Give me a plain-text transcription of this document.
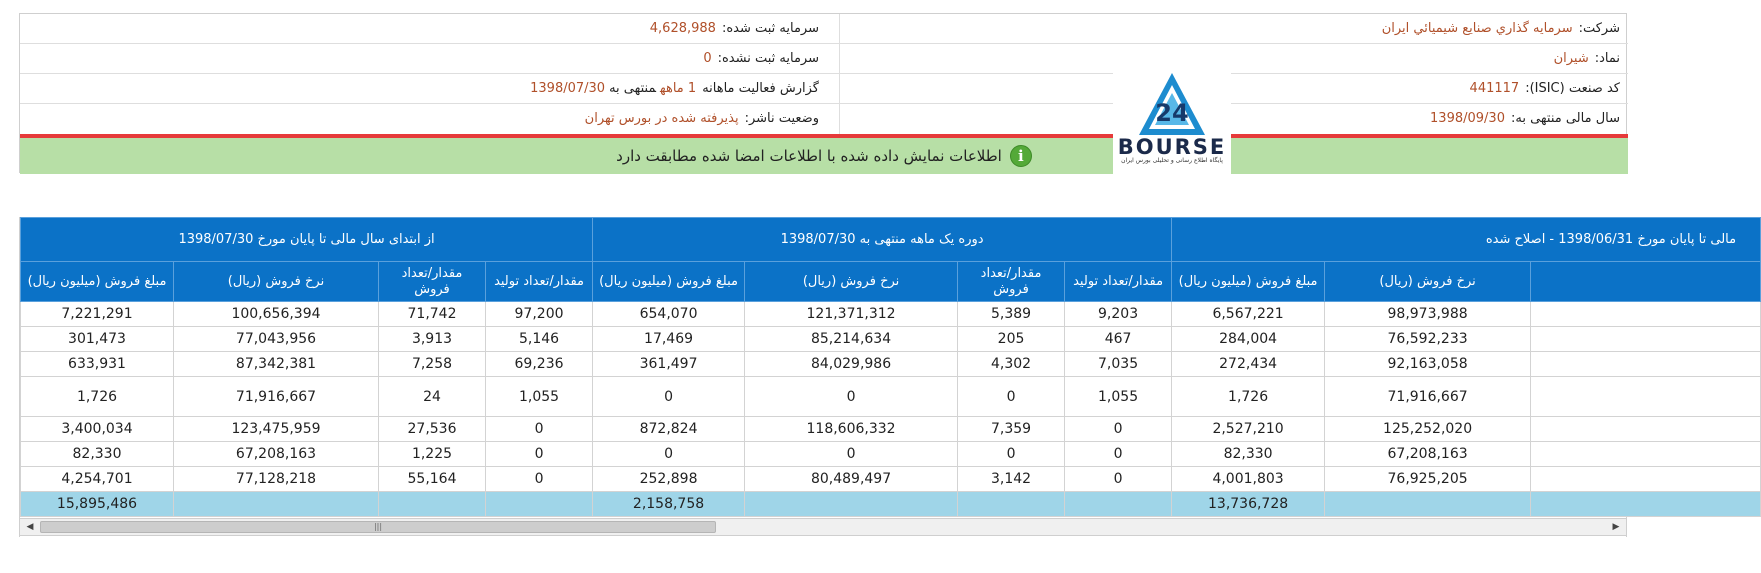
شرکت:سرمايه گذاري صنايع شيميائي ايران
نماد:شيران
کد صنعت (ISIC):441117
سال مالی منتهی به:1398/09/30
سرمایه ثبت شده:4,628,988
سرمایه ثبت نشده:0
گزارش فعالیت ماهانه1 ماههمنتهی به1398/07/30
وضعیت ناشر:پذیرفته شده در بورس تهران
i
اطلاعات نمایش داده شده با اطلاعات امضا شده مطابقت دارد
24
BOURSE
پایگاه اطلاع رسانی و تحلیلی بورس ایران
از ابتدای سال مالی تا پایان مورخ 1398/07/30				دوره یک ماهه منتهی به 1398/07/30				مالی تا پایان مورخ 1398/06/31 - اصلاح شده		
مبلغ فروش (میلیون ریال)	نرخ فروش (ریال)	مقدار/تعداد فروش	مقدار/تعداد تولید	مبلغ فروش (میلیون ریال)	نرخ فروش (ریال)	مقدار/تعداد فروش	مقدار/تعداد تولید	مبلغ فروش (میلیون ریال)	نرخ فروش (ریال)	
7,221,291	100,656,394	71,742	97,200	654,070	121,371,312	5,389	9,203	6,567,221	98,973,988	
301,473	77,043,956	3,913	5,146	17,469	85,214,634	205	467	284,004	76,592,233	
633,931	87,342,381	7,258	69,236	361,497	84,029,986	4,302	7,035	272,434	92,163,058	
1,726	71,916,667	24	1,055	0	0	0	1,055	1,726	71,916,667	
3,400,034	123,475,959	27,536	0	872,824	118,606,332	7,359	0	2,527,210	125,252,020	
82,330	67,208,163	1,225	0	0	0	0	0	82,330	67,208,163	
4,254,701	77,128,218	55,164	0	252,898	80,489,497	3,142	0	4,001,803	76,925,205	
15,895,486				2,158,758				13,736,728		
◀	|||	▶
